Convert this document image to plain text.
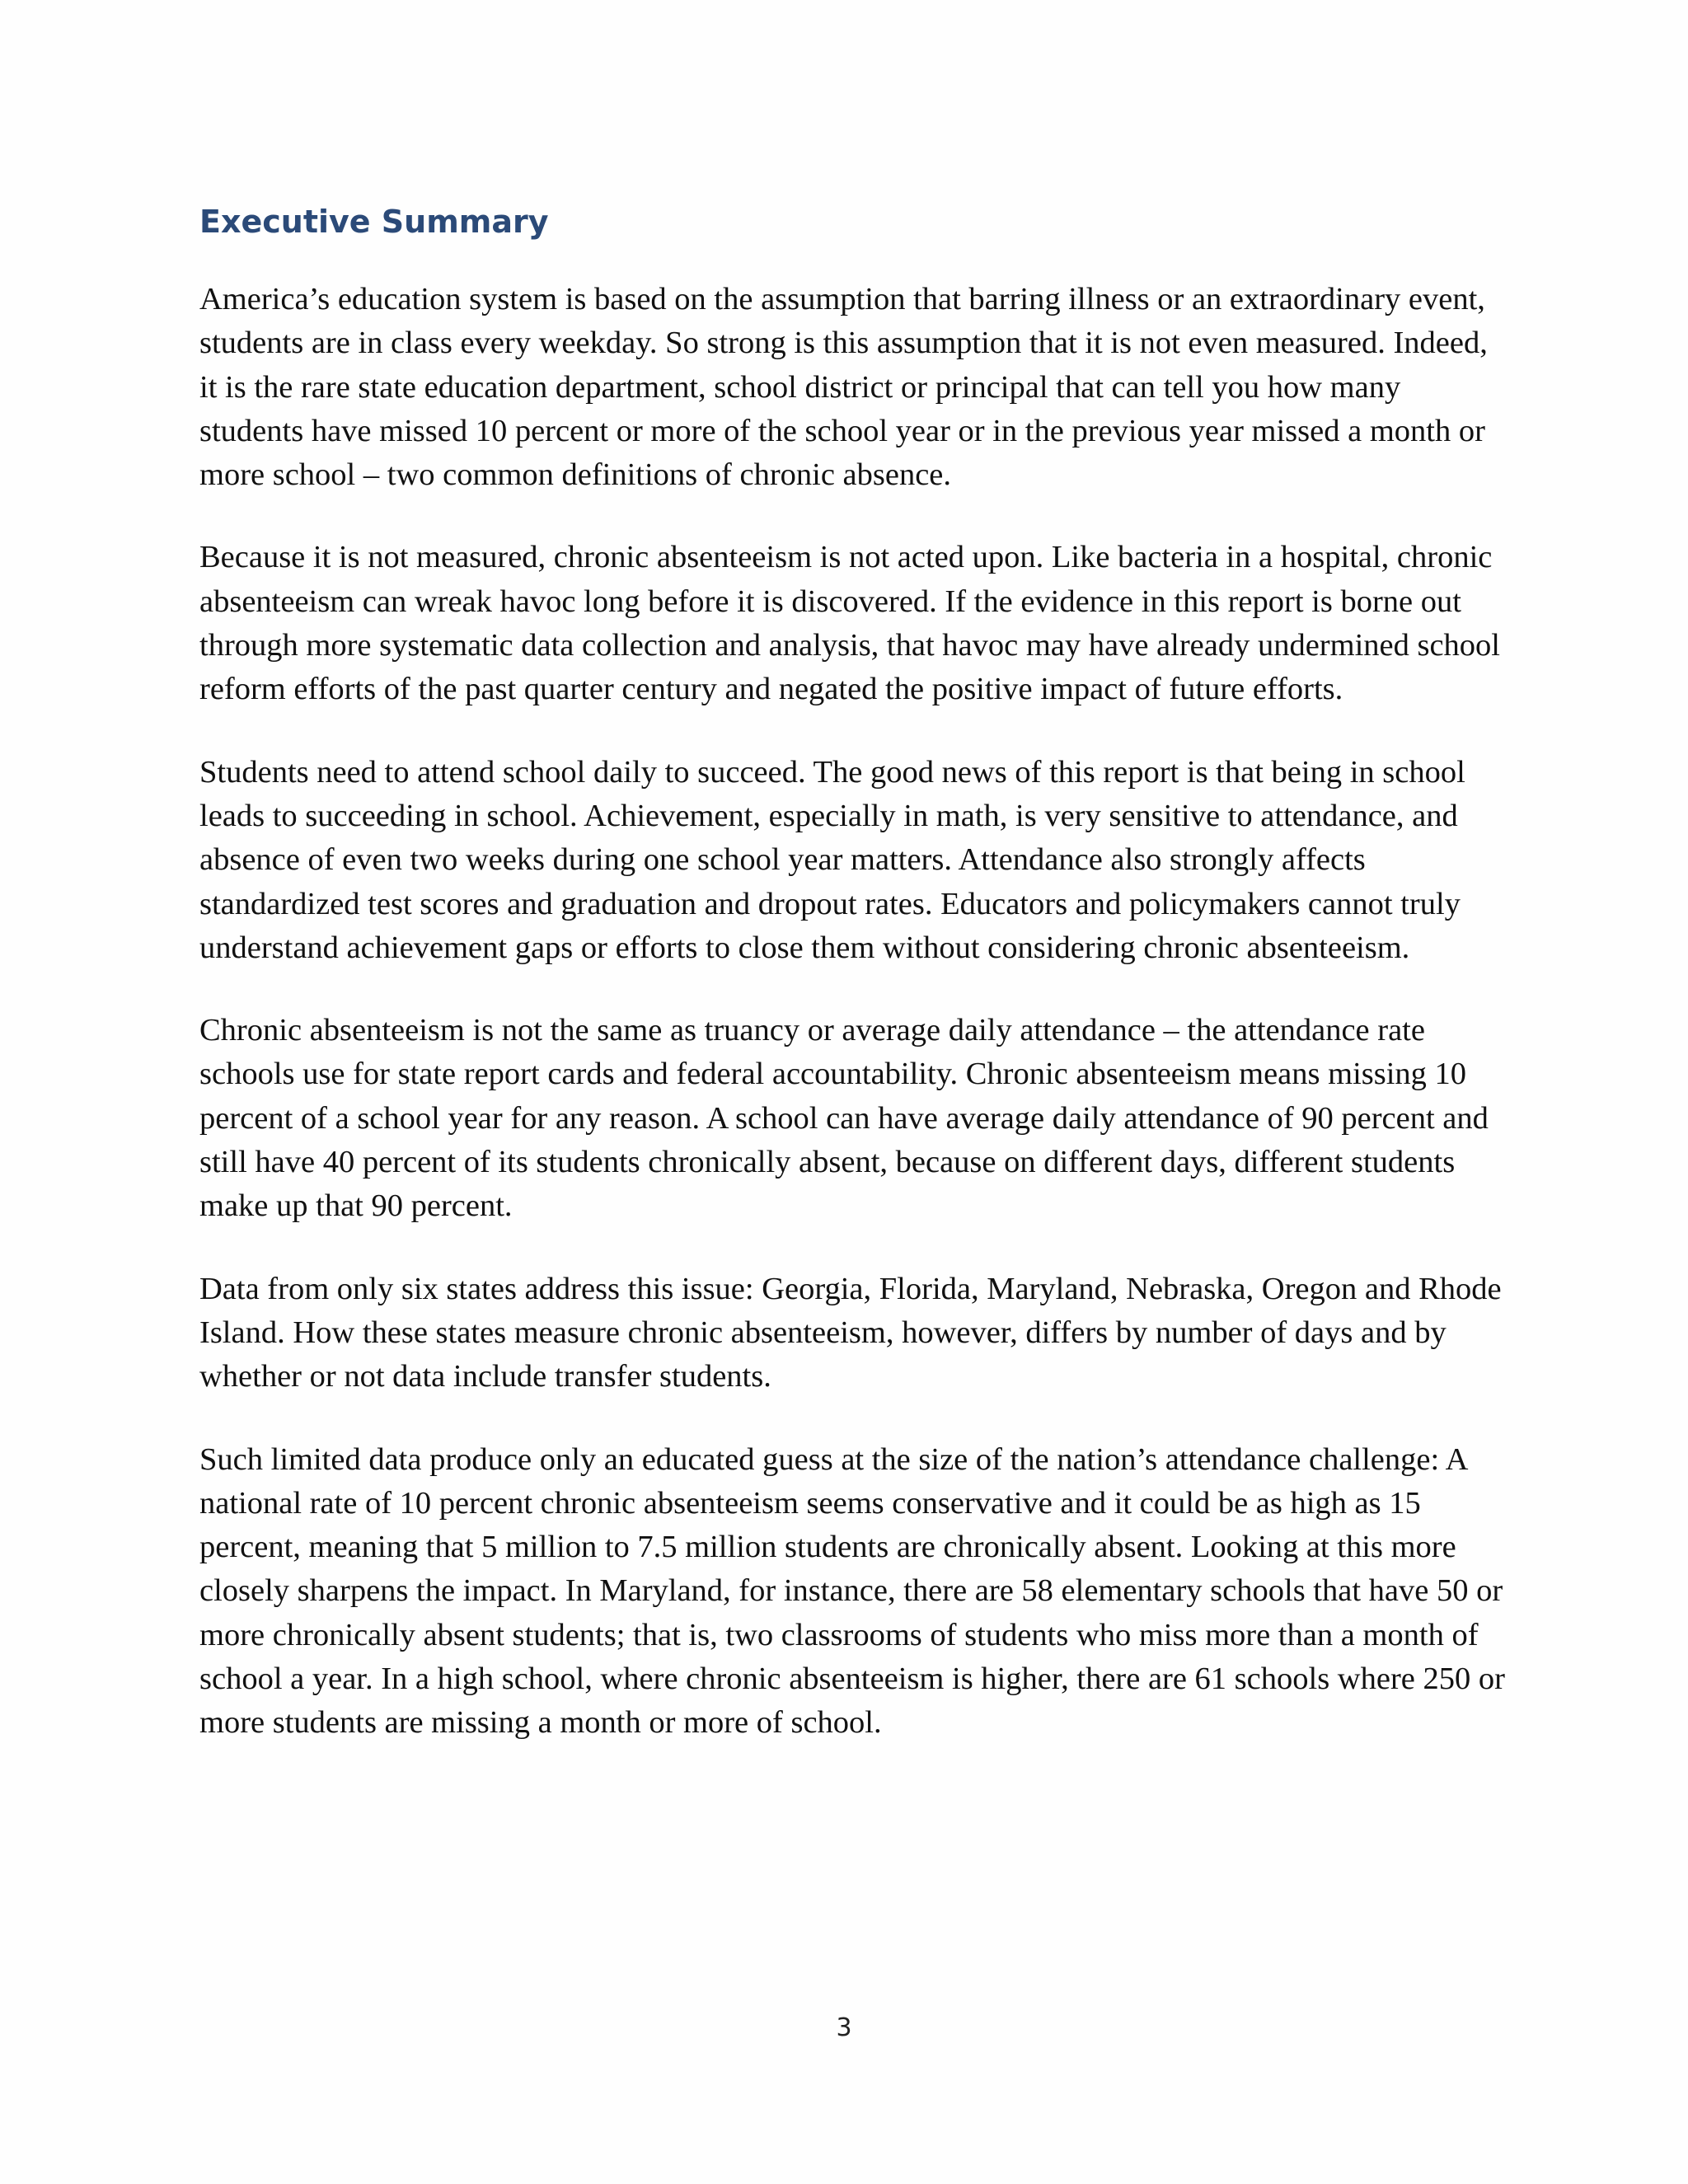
Executive Summary

America’s education system is based on the assumption that barring illness or an extraordinary event, students are in class every weekday. So strong is this assumption that it is not even measured. Indeed, it is the rare state education department, school district or principal that can tell you how many students have missed 10 percent or more of the school year or in the previous year missed a month or more school – two common definitions of chronic absence.

Because it is not measured, chronic absenteeism is not acted upon. Like bacteria in a hospital, chronic absenteeism can wreak havoc long before it is discovered. If the evidence in this report is borne out through more systematic data collection and analysis, that havoc may have already undermined school reform efforts of the past quarter century and negated the positive impact of future efforts.

Students need to attend school daily to succeed. The good news of this report is that being in school leads to succeeding in school. Achievement, especially in math, is very sensitive to attendance, and absence of even two weeks during one school year matters. Attendance also strongly affects standardized test scores and graduation and dropout rates. Educators and policymakers cannot truly understand achievement gaps or efforts to close them without considering chronic absenteeism.

Chronic absenteeism is not the same as truancy or average daily attendance – the attendance rate schools use for state report cards and federal accountability. Chronic absenteeism means missing 10 percent of a school year for any reason. A school can have average daily attendance of 90 percent and still have 40 percent of its students chronically absent, because on different days, different students make up that 90 percent.

Data from only six states address this issue: Georgia, Florida, Maryland, Nebraska, Oregon and Rhode Island. How these states measure chronic absenteeism, however, differs by number of days and by whether or not data include transfer students.

Such limited data produce only an educated guess at the size of the nation’s attendance challenge: A national rate of 10 percent chronic absenteeism seems conservative and it could be as high as 15 percent, meaning that 5 million to 7.5 million students are chronically absent. Looking at this more closely sharpens the impact. In Maryland, for instance, there are 58 elementary schools that have 50 or more chronically absent students; that is, two classrooms of students who miss more than a month of school a year. In a high school, where chronic absenteeism is higher, there are 61 schools where 250 or more students are missing a month or more of school.

3
